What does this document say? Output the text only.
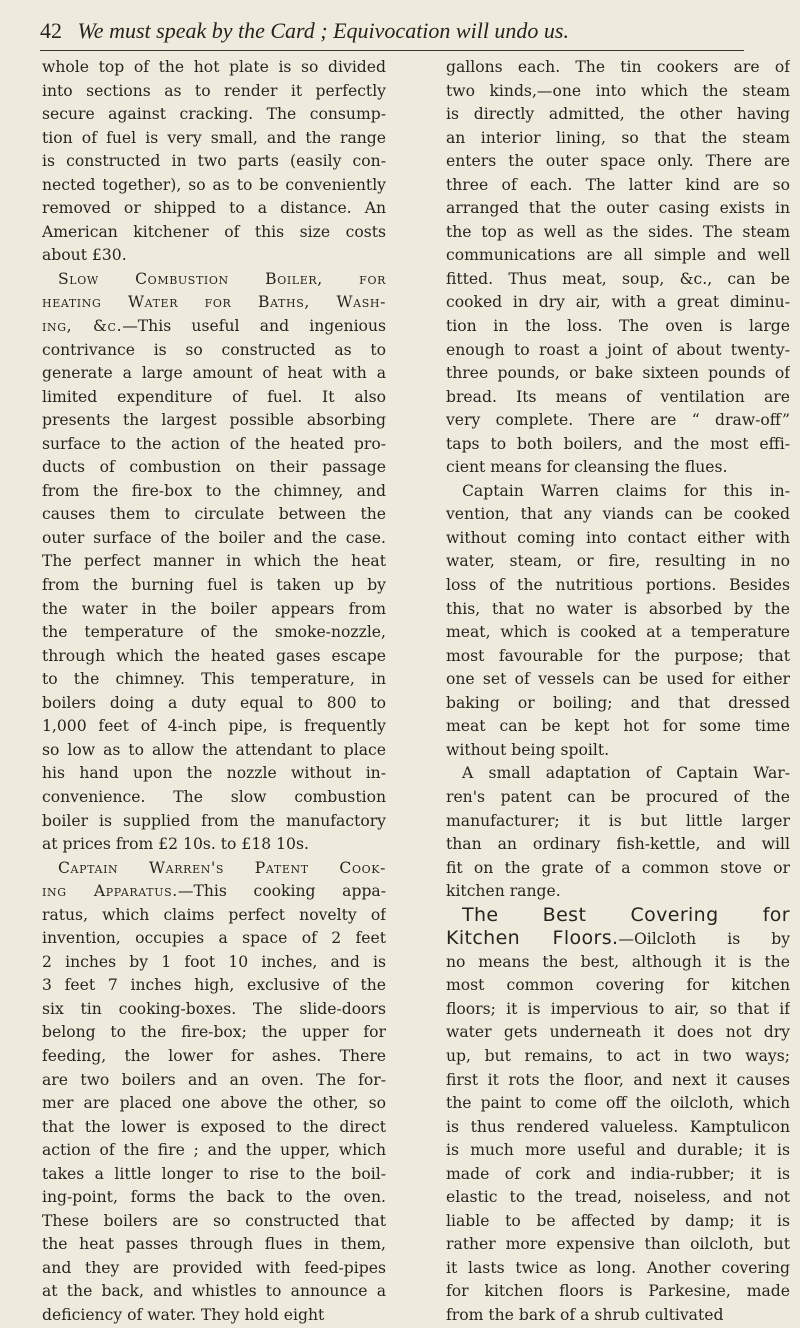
42 We must speak by the Card ; Equivocation will undo us.
whole top of the hot plate is so divided
into sections as to render it perfectly
secure against cracking. The consump-
tion of fuel is very small, and the range
is constructed in two parts (easily con-
nected together), so as to be conveniently
removed or shipped to a distance. An
American kitchener of this size costs
about £30.
Slow Combustion Boiler, for
heating Water for Baths, Wash-
ing, &c.—This useful and ingenious
contrivance is so constructed as to
generate a large amount of heat with a
limited expenditure of fuel. It also
presents the largest possible absorbing
surface to the action of the heated pro-
ducts of combustion on their passage
from the fire-box to the chimney, and
causes them to circulate between the
outer surface of the boiler and the case.
The perfect manner in which the heat
from the burning fuel is taken up by
the water in the boiler appears from
the temperature of the smoke-nozzle,
through which the heated gases escape
to the chimney. This temperature, in
boilers doing a duty equal to 800 to
1,000 feet of 4-inch pipe, is frequently
so low as to allow the attendant to place
his hand upon the nozzle without in-
convenience. The slow combustion
boiler is supplied from the manufactory
at prices from £2 10s. to £18 10s.
Captain Warren's Patent Cook-
ing Apparatus.—This cooking appa-
ratus, which claims perfect novelty of
invention, occupies a space of 2 feet
2 inches by 1 foot 10 inches, and is
3 feet 7 inches high, exclusive of the
six tin cooking-boxes. The slide-doors
belong to the fire-box; the upper for
feeding, the lower for ashes. There
are two boilers and an oven. The for-
mer are placed one above the other, so
that the lower is exposed to the direct
action of the fire ; and the upper, which
takes a little longer to rise to the boil-
ing-point, forms the back to the oven.
These boilers are so constructed that
the heat passes through flues in them,
and they are provided with feed-pipes
at the back, and whistles to announce a
deficiency of water. They hold eight
gallons each. The tin cookers are of
two kinds,—one into which the steam
is directly admitted, the other having
an interior lining, so that the steam
enters the outer space only. There are
three of each. The latter kind are so
arranged that the outer casing exists in
the top as well as the sides. The steam
communications are all simple and well
fitted. Thus meat, soup, &c., can be
cooked in dry air, with a great diminu-
tion in the loss. The oven is large
enough to roast a joint of about twenty-
three pounds, or bake sixteen pounds of
bread. Its means of ventilation are
very complete. There are “ draw-off”
taps to both boilers, and the most effi-
cient means for cleansing the flues.
Captain Warren claims for this in-
vention, that any viands can be cooked
without coming into contact either with
water, steam, or fire, resulting in no
loss of the nutritious portions. Besides
this, that no water is absorbed by the
meat, which is cooked at a temperature
most favourable for the purpose; that
one set of vessels can be used for either
baking or boiling; and that dressed
meat can be kept hot for some time
without being spoilt.
A small adaptation of Captain War-
ren's patent can be procured of the
manufacturer; it is but little larger
than an ordinary fish-kettle, and will
fit on the grate of a common stove or
kitchen range.
The Best Covering for
Kitchen Floors.—Oilcloth is by
no means the best, although it is the
most common covering for kitchen
floors; it is impervious to air, so that if
water gets underneath it does not dry
up, but remains, to act in two ways;
first it rots the floor, and next it causes
the paint to come off the oilcloth, which
is thus rendered valueless. Kamptulicon
is much more useful and durable; it is
made of cork and india-rubber; it is
elastic to the tread, noiseless, and not
liable to be affected by damp; it is
rather more expensive than oilcloth, but
it lasts twice as long. Another covering
for kitchen floors is Parkesine, made
from the bark of a shrub cultivated
